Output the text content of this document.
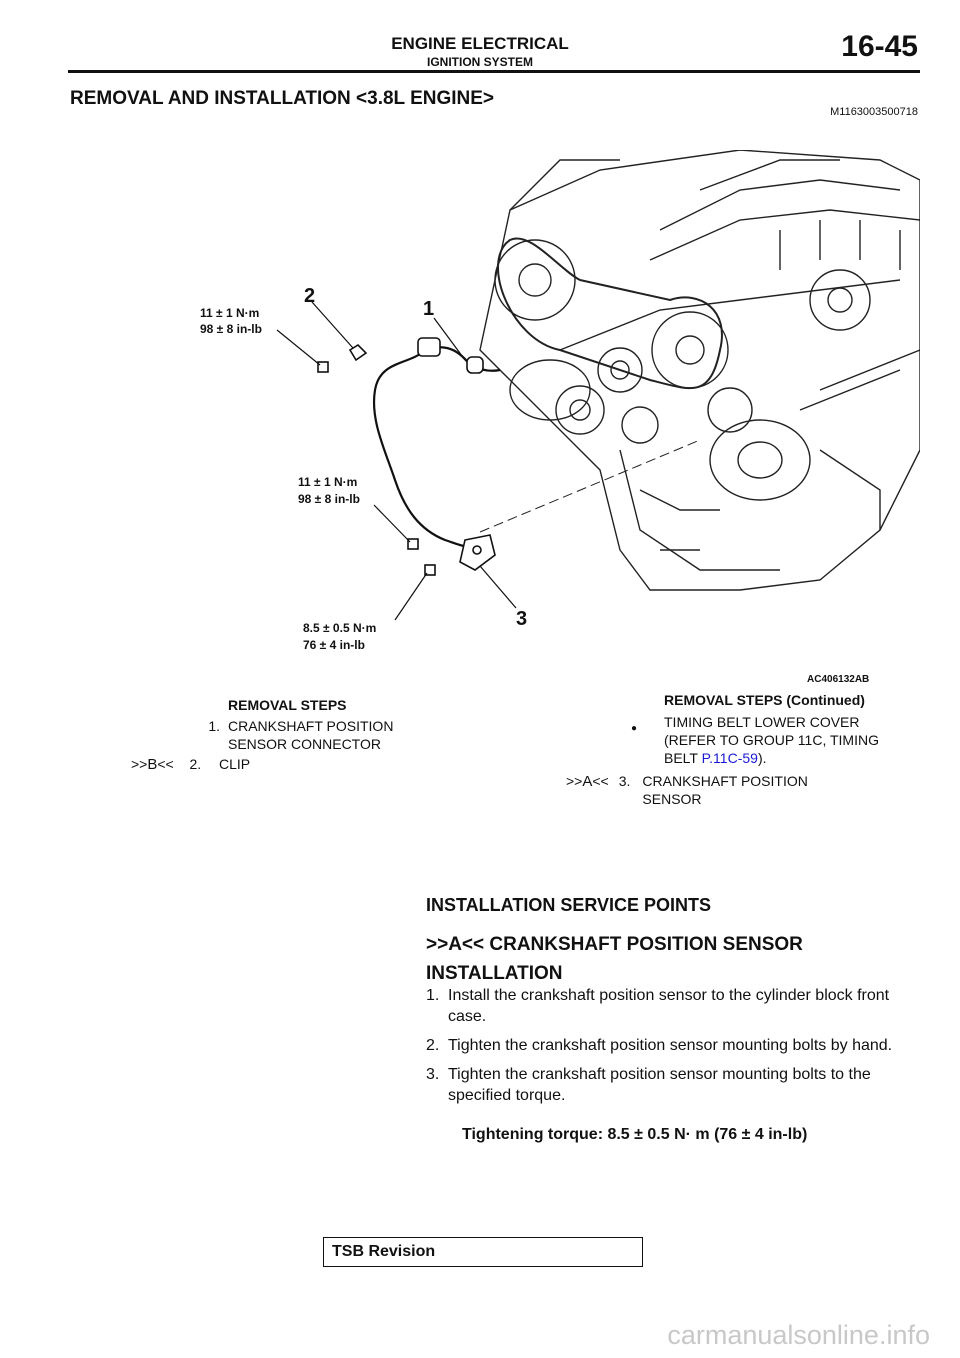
ENGINE ELECTRICAL
IGNITION SYSTEM	16-45
REMOVAL AND INSTALLATION <3.8L ENGINE>
M1163003500718
2
1
3
11 ± 1 N·m
98 ± 8 in-lb
11 ± 1 N·m
98 ± 8 in-lb
8.5 ± 0.5 N·m
76 ± 4 in-lb
AC406132AB
REMOVAL STEPS
1. CRANKSHAFT POSITION
SENSOR CONNECTOR
>>B<< 2. CLIP
REMOVAL STEPS (Continued)
●	TIMING BELT LOWER COVER
(REFER TO GROUP 11C, TIMING
BELT P.11C-59).
>>A<< 3. CRANKSHAFT POSITION
SENSOR
INSTALLATION SERVICE POINTS
>>A<< CRANKSHAFT POSITION SENSOR INSTALLATION
1. Install the crankshaft position sensor to the cylinder block front case.
2. Tighten the crankshaft position sensor mounting bolts by hand.
3. Tighten the crankshaft position sensor mounting bolts to the specified torque.
Tightening torque: 8.5 ± 0.5 N· m (76 ± 4 in-lb)
TSB Revision
carmanualsonline.info
